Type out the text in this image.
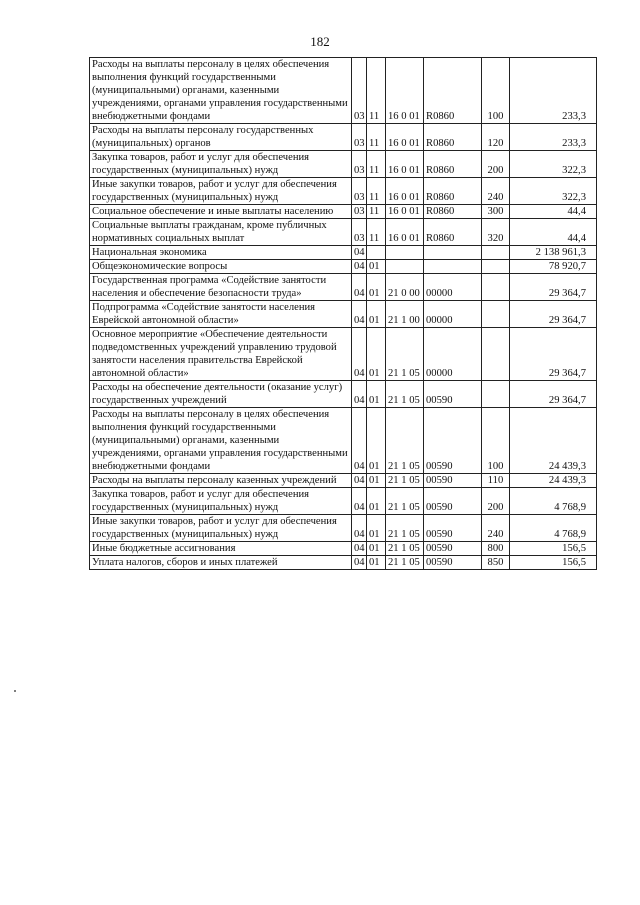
182
Расходы на выплаты персоналу в целях обеспечения выполнения функций государственными (муниципальными) органами, казенными учреждениями, органами управления государственными внебюджетными фондами	03	11	16 0 01	R0860	100	233,3
Расходы на выплаты персоналу государственных (муниципальных) органов	03	11	16 0 01	R0860	120	233,3
Закупка товаров, работ и услуг для обеспечения государственных (муниципальных) нужд	03	11	16 0 01	R0860	200	322,3
Иные закупки товаров, работ и услуг для обеспечения государственных (муниципальных) нужд	03	11	16 0 01	R0860	240	322,3
Социальное обеспечение и иные выплаты населению	03	11	16 0 01	R0860	300	44,4
Социальные выплаты гражданам, кроме публичных нормативных социальных выплат	03	11	16 0 01	R0860	320	44,4
Национальная экономика	04					2 138 961,3
Общеэкономические вопросы	04	01				78 920,7
Государственная программа «Содействие занятости населения и обеспечение безопасности труда»	04	01	21 0 00	00000		29 364,7
Подпрограмма «Содействие занятости населения Еврейской автономной области»	04	01	21 1 00	00000		29 364,7
Основное мероприятие «Обеспечение деятельности подведомственных учреждений управлению трудовой занятости населения правительства Еврейской автономной области»	04	01	21 1 05	00000		29 364,7
Расходы на обеспечение деятельности (оказание услуг) государственных учреждений	04	01	21 1 05	00590		29 364,7
Расходы на выплаты персоналу в целях обеспечения выполнения функций государственными (муниципальными) органами, казенными учреждениями, органами управления государственными внебюджетными фондами	04	01	21 1 05	00590	100	24 439,3
Расходы на выплаты персоналу казенных учреждений	04	01	21 1 05	00590	110	24 439,3
Закупка товаров, работ и услуг для обеспечения государственных (муниципальных) нужд	04	01	21 1 05	00590	200	4 768,9
Иные закупки товаров, работ и услуг для обеспечения государственных (муниципальных) нужд	04	01	21 1 05	00590	240	4 768,9
Иные бюджетные ассигнования	04	01	21 1 05	00590	800	156,5
Уплата налогов, сборов и иных платежей	04	01	21 1 05	00590	850	156,5
